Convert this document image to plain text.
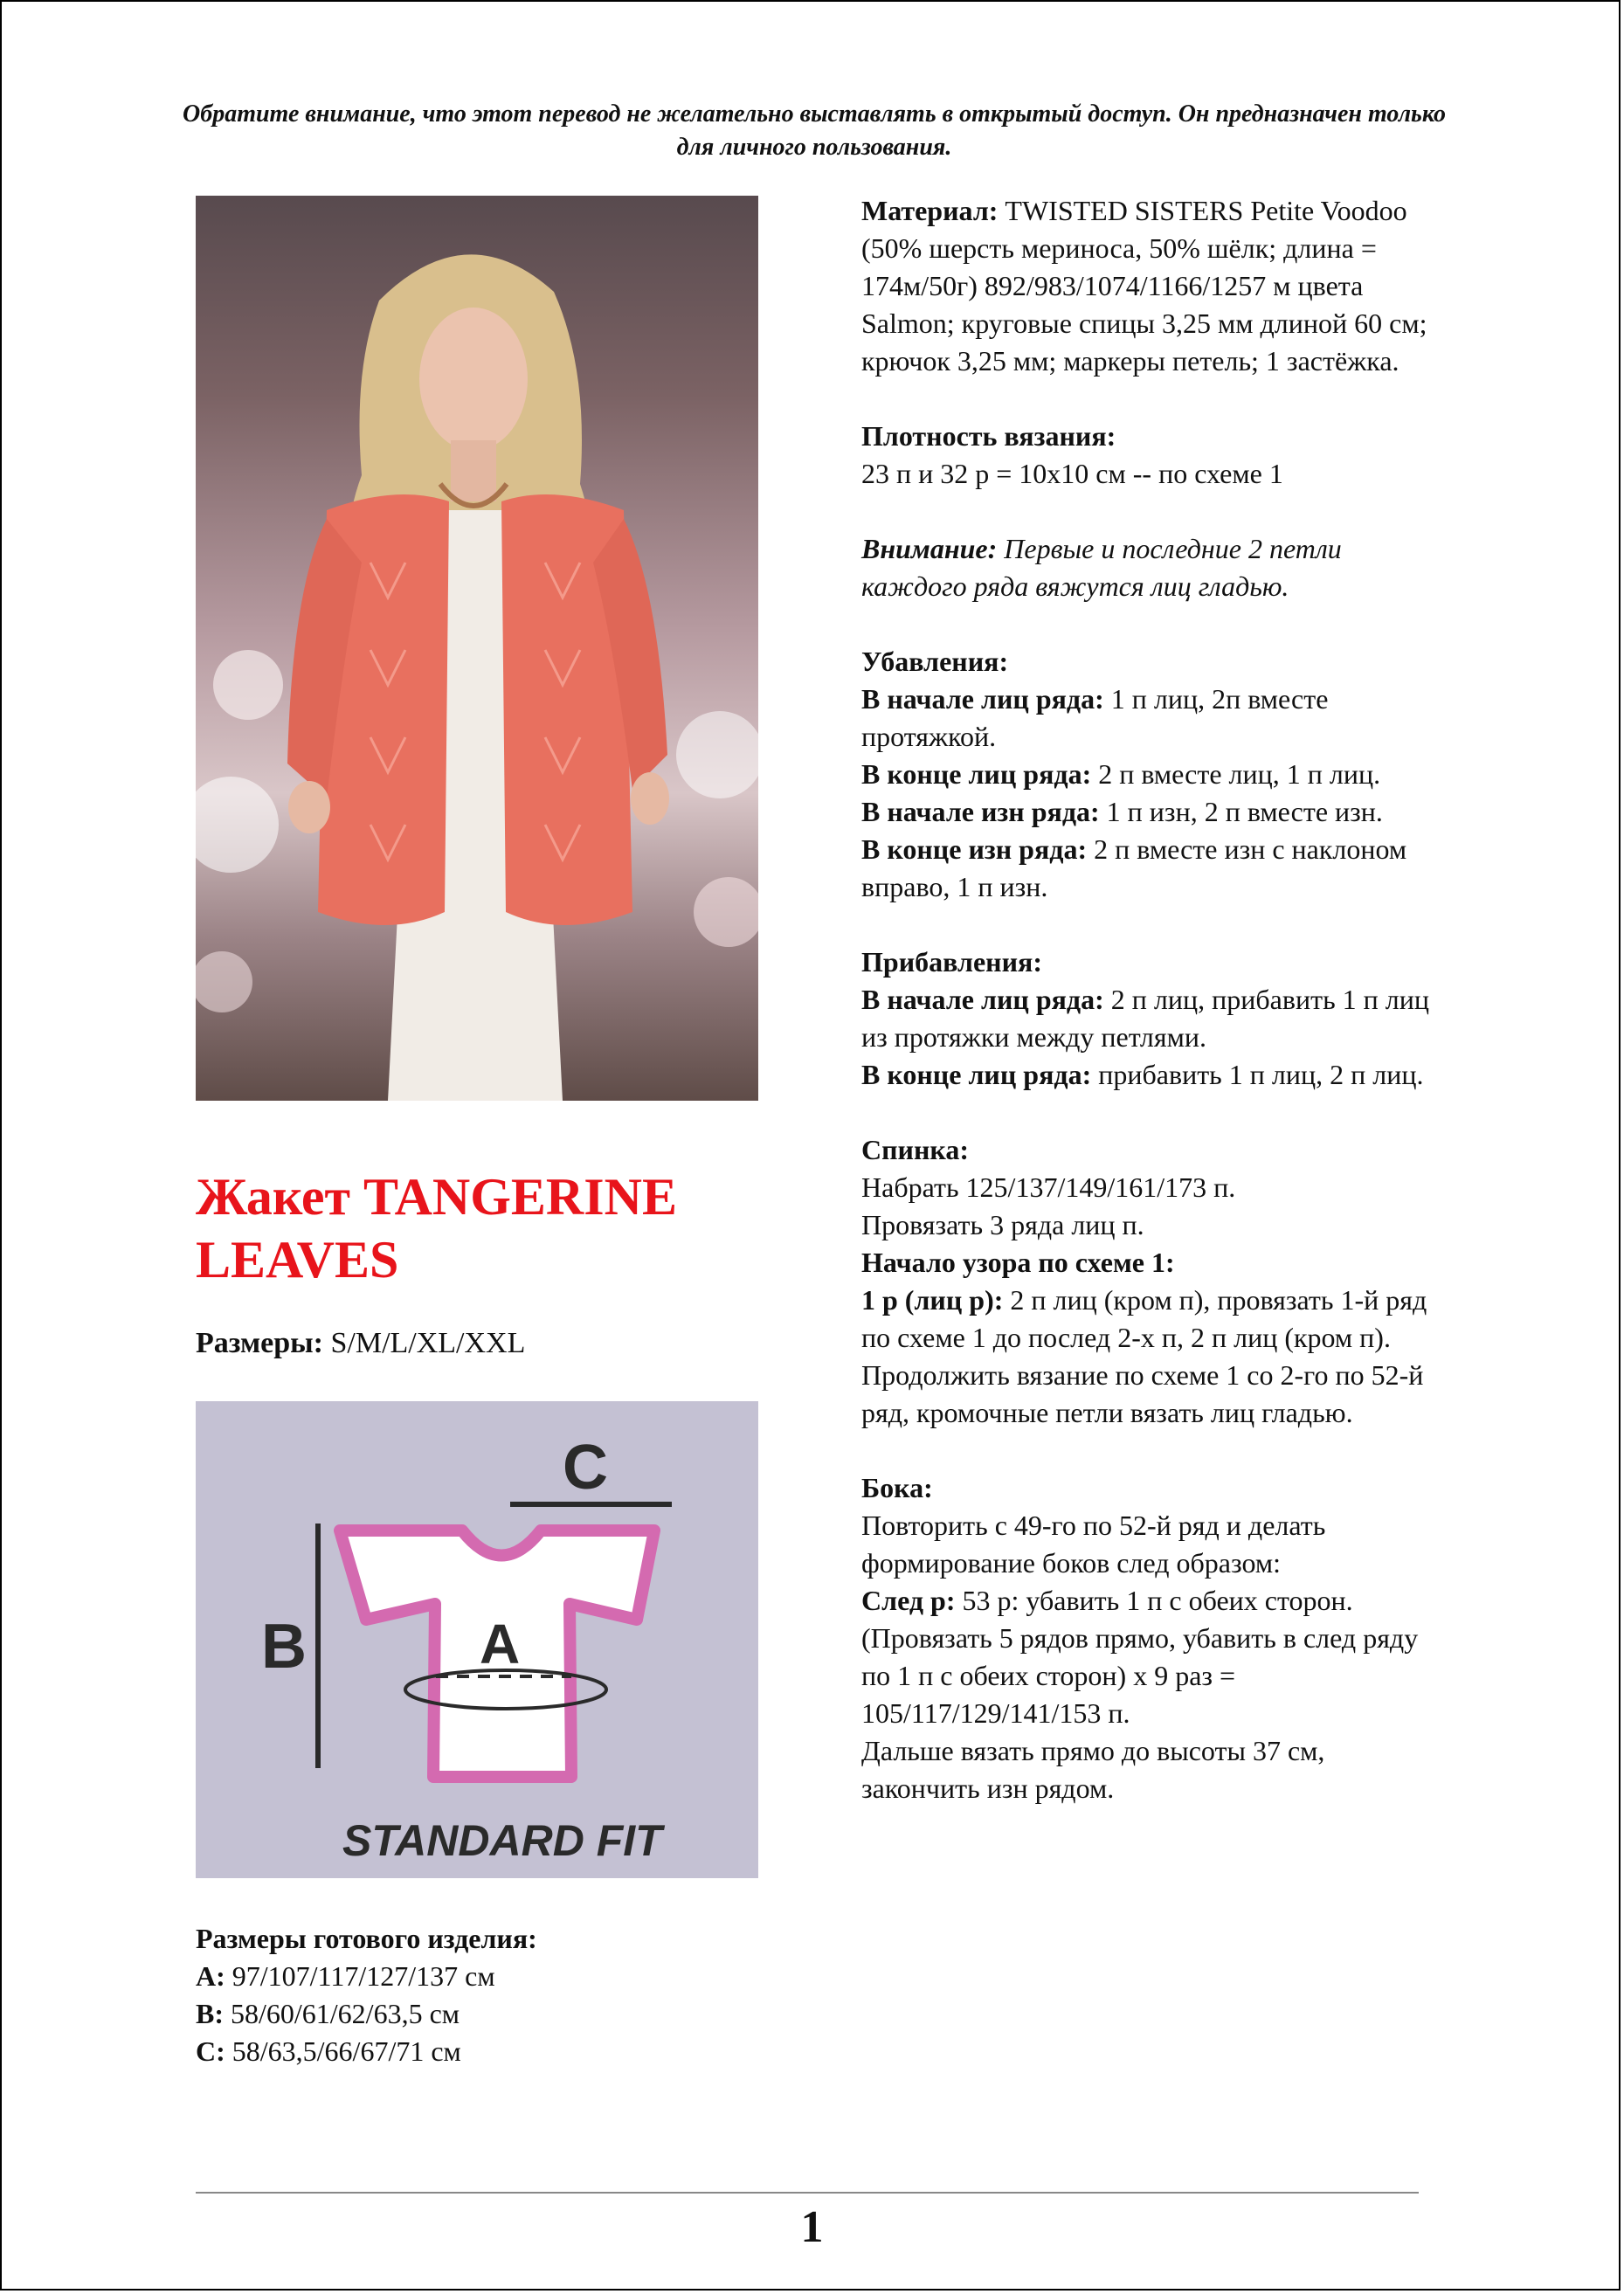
Обратите внимание, что этот перевод не желательно выставлять в открытый доступ. Он предназначен только для личного пользования.
Жакет TANGERINE
LEAVES
Размеры: S/M/L/XL/XXL
C
B	A
STANDARD FIT
Размеры готового изделия:
A: 97/107/117/127/137 см
B: 58/60/61/62/63,5 см
C: 58/63,5/66/67/71 см

Материал: TWISTED SISTERS Petite Voodoo (50% шерсть мериноса, 50% шёлк; длина = 174м/50г) 892/983/1074/1166/1257 м цвета Salmon; круговые спицы 3,25 мм длиной 60 см; крючок 3,25 мм; маркеры петель; 1 застёжка.

Плотность вязания:
23 п и 32 р = 10х10 см -- по схеме 1

Внимание: Первые и последние 2 петли каждого ряда вяжутся лиц гладью.

Убавления:
В начале лиц ряда: 1 п лиц, 2п вместе протяжкой.
В конце лиц ряда: 2 п вместе лиц, 1 п лиц.
В начале изн ряда: 1 п изн, 2 п вместе изн.
В конце изн ряда: 2 п вместе изн с наклоном вправо, 1 п изн.

Прибавления:
В начале лиц ряда: 2 п лиц, прибавить 1 п лиц из протяжки между петлями.
В конце лиц ряда: прибавить 1 п лиц, 2 п лиц.

Спинка:
Набрать 125/137/149/161/173 п.
Провязать 3 ряда лиц п.
Начало узора по схеме 1:
1 р (лиц р): 2 п лиц (кром п), провязать 1-й ряд по схеме 1 до послед 2-х п, 2 п лиц (кром п).
Продолжить вязание по схеме 1 со 2-го по 52-й ряд, кромочные петли вязать лиц гладью.

Бока:
Повторить с 49-го по 52-й ряд и делать формирование боков след образом:
След р: 53 р: убавить 1 п с обеих сторон.
(Провязать 5 рядов прямо, убавить в след ряду по 1 п с обеих сторон) х 9 раз = 105/117/129/141/153 п.
Дальше вязать прямо до высоты 37 см, закончить изн рядом.

1
